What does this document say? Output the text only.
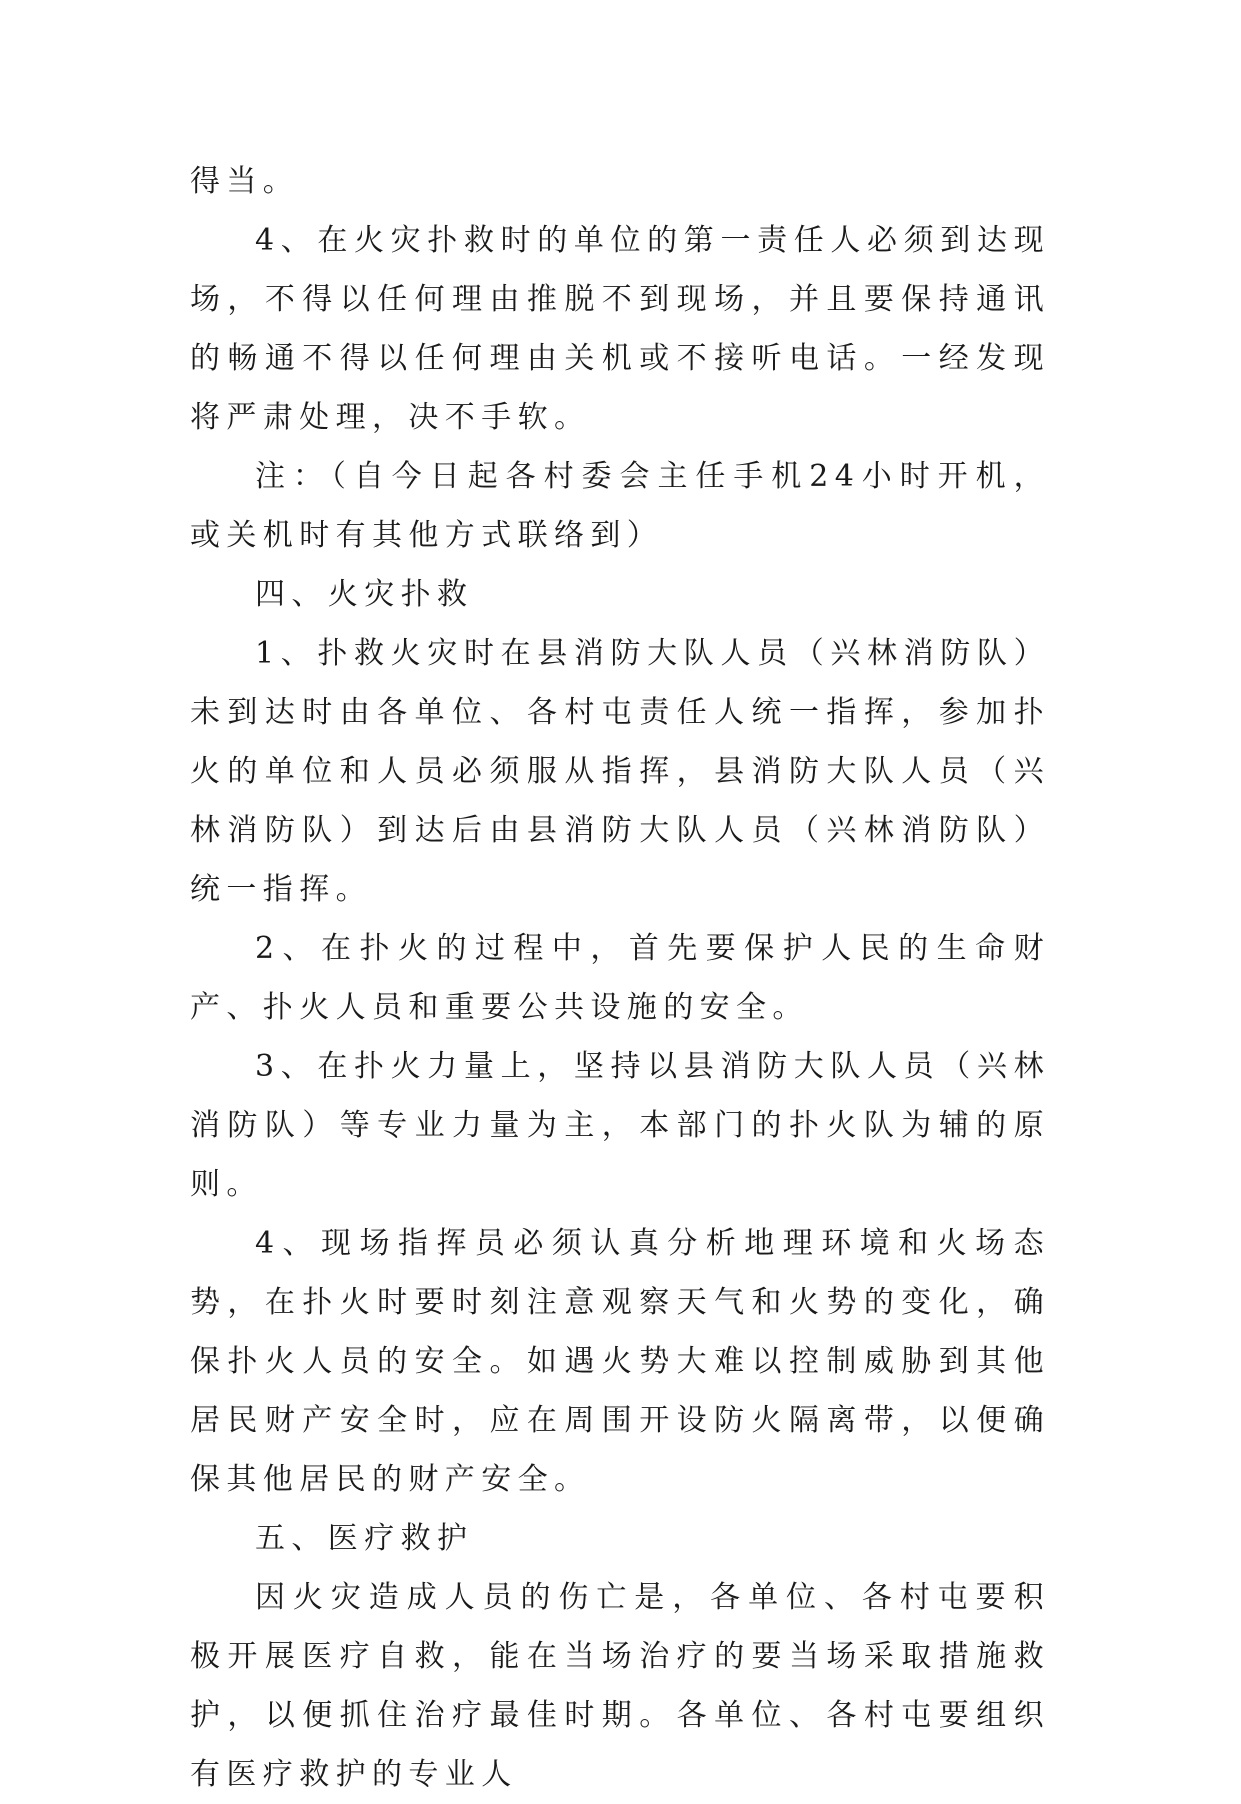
得当。

4、在火灾扑救时的单位的第一责任人必须到达现场，不得以任何理由推脱不到现场，并且要保持通讯的畅通不得以任何理由关机或不接听电话。一经发现将严肃处理，决不手软。

注：（自今日起各村委会主任手机24小时开机，或关机时有其他方式联络到）

四、火灾扑救

1、扑救火灾时在县消防大队人员（兴林消防队）未到达时由各单位、各村屯责任人统一指挥，参加扑火的单位和人员必须服从指挥，县消防大队人员（兴林消防队）到达后由县消防大队人员（兴林消防队）统一指挥。

2、在扑火的过程中，首先要保护人民的生命财产、扑火人员和重要公共设施的安全。

3、在扑火力量上，坚持以县消防大队人员（兴林消防队）等专业力量为主，本部门的扑火队为辅的原则。

4、现场指挥员必须认真分析地理环境和火场态势，在扑火时要时刻注意观察天气和火势的变化，确保扑火人员的安全。如遇火势大难以控制威胁到其他居民财产安全时，应在周围开设防火隔离带，以便确保其他居民的财产安全。

五、医疗救护

因火灾造成人员的伤亡是，各单位、各村屯要积极开展医疗自救，能在当场治疗的要当场采取措施救护，以便抓住治疗最佳时期。各单位、各村屯要组织有医疗救护的专业人
